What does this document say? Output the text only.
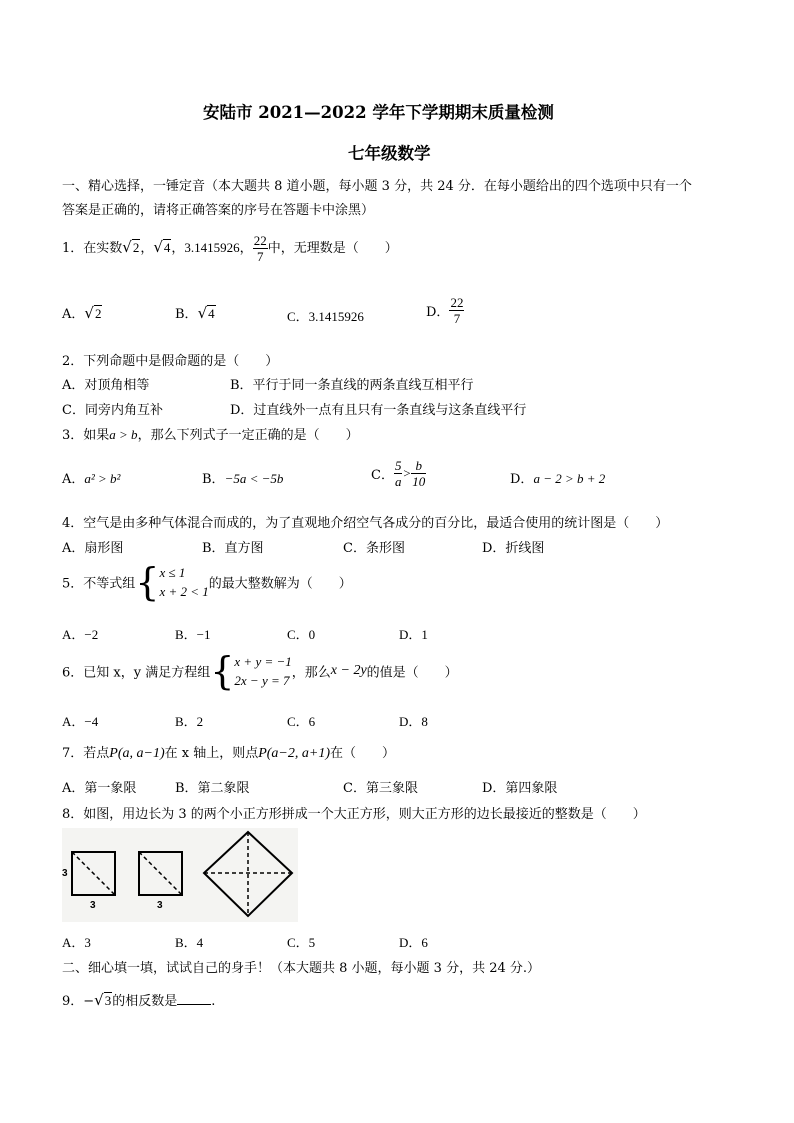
安陆市 2021—2022 学年下学期期末质量检测
七年级数学
一、精心选择，一锤定音（本大题共 8 道小题，每小题 3 分，共 24 分．在每小题给出的四个选项中只有一个
答案是正确的，请将正确答案的序号在答题卡中涂黑）
1．在实数√2，√4，3.1415926， $\frac{22}{7}$ 中，无理数是（　　）
A．√2	B．√4	C．3.1415926	D． $\frac{22}{7}$
2．下列命题中是假命题的是（　　）
A．对顶角相等	B．平行于同一条直线的两条直线互相平行
C．同旁内角互补	D．过直线外一点有且只有一条直线与这条直线平行
3．如果a > b，那么下列式子一定正确的是（　　）
A．a² > b²	B．−5a < −5b	C． $\frac{5}{a} > \frac{b}{10}$	D．a − 2 > b + 2
4．空气是由多种气体混合而成的，为了直观地介绍空气各成分的百分比，最适合使用的统计图是（　　）
A．扇形图	B．直方图	C．条形图	D．折线图
5．不等式组{ x ≤ 1
x + 2 < 1 的最大整数解为（　　）
A．−2	B．−1	C．0	D．1
6．已知 x，y 满足方程组{ x + y = −1
2x − y = 7 ，那么x − 2y的值是（　　）
A．−4	B．2	C．6	D．8
7．若点P(a, a−1)在 x 轴上，则点P(a−2, a+1)在（　　）
A．第一象限	B．第二象限	C．第三象限	D．第四象限
8．如图，用边长为 3 的两个小正方形拼成一个大正方形，则大正方形的边长最接近的整数是（　　）
3
3	3
A．3	B．4	C．5	D．6
二、细心填一填，试试自己的身手！（本大题共 8 小题，每小题 3 分，共 24 分.）
9．−√3的相反数是	.
